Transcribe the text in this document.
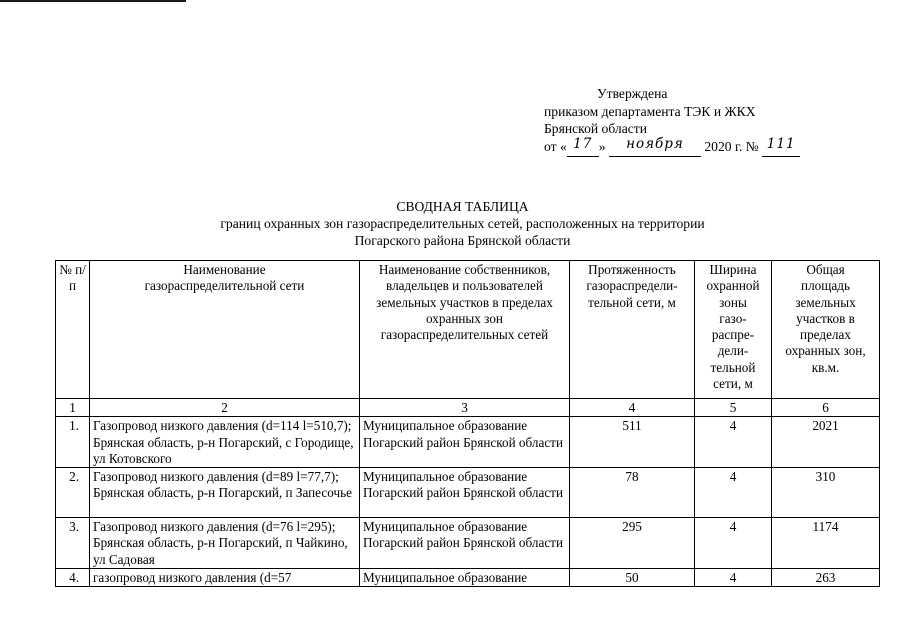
Утверждена
приказом департамента ТЭК и ЖКХ
Брянской области
от « 17 » ноября 2020 г. № 111
СВОДНАЯ ТАБЛИЦА
границ охранных зон газораспределительных сетей, расположенных на территории
Погарского района Брянской области
№ п/п	Наименование газораспределительной сети	Наименование собственников, владельцев и пользователей земельных участков в пределах охранных зон газораспределительных сетей	Протяженность газораспредели-тельной сети, м	Ширина охранной зоны газо-распре-дели-тельной сети, м	Общая площадь земельных участков в пределах охранных зон, кв.м.
1	2	3	4	5	6
1.	Газопровод низкого давления (d=114 l=510,7); Брянская область, р-н Погарский, с Городище, ул Котовского	Муниципальное образование Погарский район Брянской области	511	4	2021
2.	Газопровод низкого давления (d=89 l=77,7); Брянская область, р-н Погарский, п Запесочье	Муниципальное образование Погарский район Брянской области	78	4	310
3.	Газопровод низкого давления (d=76 l=295); Брянская область, р-н Погарский, п Чайкино, ул Садовая	Муниципальное образование Погарский район Брянской области	295	4	1174
4.	газопровод низкого давления (d=57	Муниципальное образование	50	4	263
